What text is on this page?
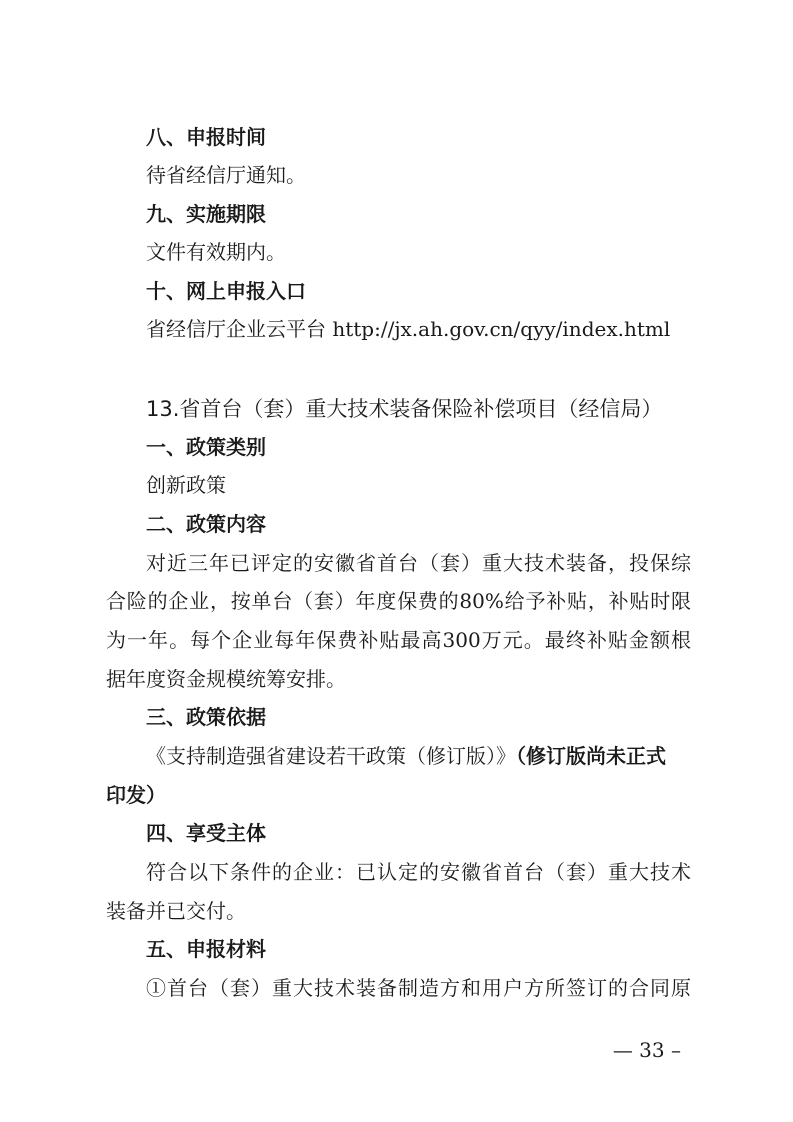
八、申报时间
待省经信厅通知。
九、实施期限
文件有效期内。
十、网上申报入口
省经信厅企业云平台 http://jx.ah.gov.cn/qyy/index.html
13.省首台（套）重大技术装备保险补偿项目（经信局）
一、政策类别
创新政策
二、政策内容
对近三年已评定的安徽省首台（套）重大技术装备，投保综
合险的企业，按单台（套）年度保费的80%给予补贴，补贴时限
为一年。每个企业每年保费补贴最高300万元。最终补贴金额根
据年度资金规模统筹安排。
三、政策依据
《支持制造强省建设若干政策（修订版）》（修订版尚未正式
印发）
四、享受主体
符合以下条件的企业：已认定的安徽省首台（套）重大技术
装备并已交付。
五、申报材料
①首台（套）重大技术装备制造方和用户方所签订的合同原
— 33 –
